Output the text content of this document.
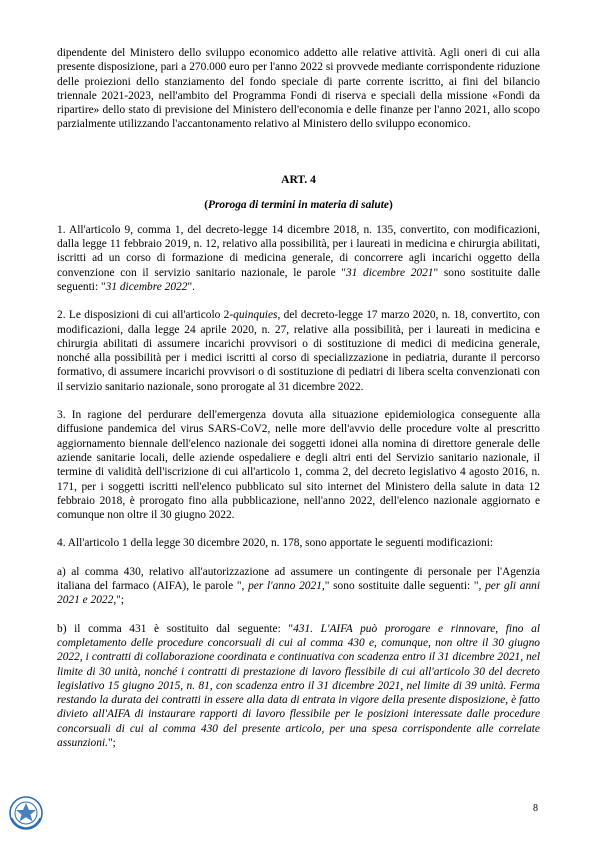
dipendente del Ministero dello sviluppo economico addetto alle relative attività. Agli oneri di cui alla presente disposizione, pari a 270.000 euro per l'anno 2022 si provvede mediante corrispondente riduzione delle proiezioni dello stanziamento del fondo speciale di parte corrente iscritto, ai fini del bilancio triennale 2021-2023, nell'ambito del Programma Fondi di riserva e speciali della missione «Fondi da ripartire» dello stato di previsione del Ministero dell'economia e delle finanze per l'anno 2021, allo scopo parzialmente utilizzando l'accantonamento relativo al Ministero dello sviluppo economico.

ART. 4
(Proroga di termini in materia di salute)

1. All'articolo 9, comma 1, del decreto-legge 14 dicembre 2018, n. 135, convertito, con modificazioni, dalla legge 11 febbraio 2019, n. 12, relativo alla possibilità, per i laureati in medicina e chirurgia abilitati, iscritti ad un corso di formazione di medicina generale, di concorrere agli incarichi oggetto della convenzione con il servizio sanitario nazionale, le parole "31 dicembre 2021" sono sostituite dalle seguenti: "31 dicembre 2022".

2. Le disposizioni di cui all'articolo 2-quinquies, del decreto-legge 17 marzo 2020, n. 18, convertito, con modificazioni, dalla legge 24 aprile 2020, n. 27, relative alla possibilità, per i laureati in medicina e chirurgia abilitati di assumere incarichi provvisori o di sostituzione di medici di medicina generale, nonché alla possibilità per i medici iscritti al corso di specializzazione in pediatria, durante il percorso formativo, di assumere incarichi provvisori o di sostituzione di pediatri di libera scelta convenzionati con il servizio sanitario nazionale, sono prorogate al 31 dicembre 2022.

3. In ragione del perdurare dell'emergenza dovuta alla situazione epidemiologica conseguente alla diffusione pandemica del virus SARS-CoV2, nelle more dell'avvio delle procedure volte al prescritto aggiornamento biennale dell'elenco nazionale dei soggetti idonei alla nomina di direttore generale delle aziende sanitarie locali, delle aziende ospedaliere e degli altri enti del Servizio sanitario nazionale, il termine di validità dell'iscrizione di cui all'articolo 1, comma 2, del decreto legislativo 4 agosto 2016, n. 171, per i soggetti iscritti nell'elenco pubblicato sul sito internet del Ministero della salute in data 12 febbraio 2018, è prorogato fino alla pubblicazione, nell'anno 2022, dell'elenco nazionale aggiornato e comunque non oltre il 30 giugno 2022.

4. All'articolo 1 della legge 30 dicembre 2020, n. 178, sono apportate le seguenti modificazioni:

a) al comma 430, relativo all'autorizzazione ad assumere un contingente di personale per l'Agenzia italiana del farmaco (AIFA), le parole ", per l'anno 2021," sono sostituite dalle seguenti: ", per gli anni 2021 e 2022,";

b) il comma 431 è sostituito dal seguente: "431. L'AIFA può prorogare e rinnovare, fino al completamento delle procedure concorsuali di cui al comma 430 e, comunque, non oltre il 30 giugno 2022, i contratti di collaborazione coordinata e continuativa con scadenza entro il 31 dicembre 2021, nel limite di 30 unità, nonché i contratti di prestazione di lavoro flessibile di cui all'articolo 30 del decreto legislativo 15 giugno 2015, n. 81, con scadenza entro il 31 dicembre 2021, nel limite di 39 unità. Ferma restando la durata dei contratti in essere alla data di entrata in vigore della presente disposizione, è fatto divieto all'AIFA di instaurare rapporti di lavoro flessibile per le posizioni interessate dalle procedure concorsuali di cui al comma 430 del presente articolo, per una spesa corrispondente alle correlate assunzioni.";

8
